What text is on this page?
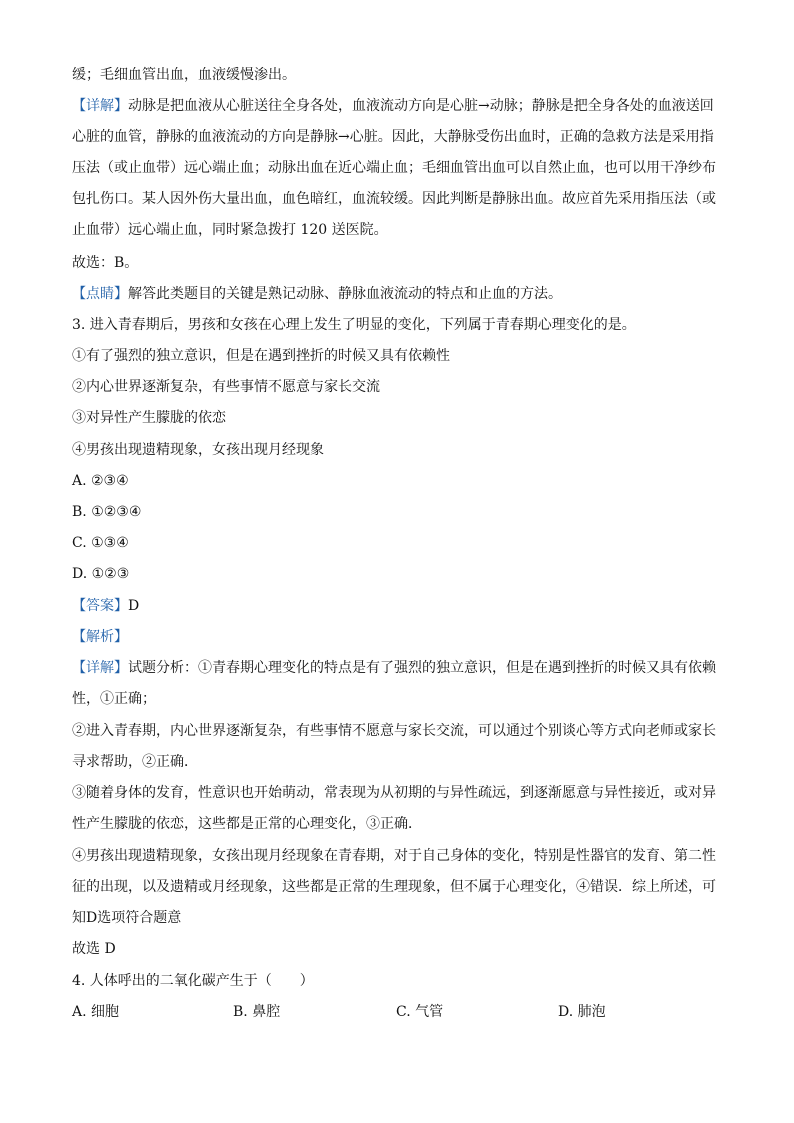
缓；毛细血管出血，血液缓慢渗出。
【详解】动脉是把血液从心脏送往全身各处，血液流动方向是心脏→动脉；静脉是把全身各处的血液送回
心脏的血管，静脉的血液流动的方向是静脉→心脏。因此，大静脉受伤出血时，正确的急救方法是采用指
压法（或止血带）远心端止血；动脉出血在近心端止血；毛细血管出血可以自然止血，也可以用干净纱布
包扎伤口。某人因外伤大量出血，血色暗红，血流较缓。因此判断是静脉出血。故应首先采用指压法（或
止血带）远心端止血，同时紧急拨打 120 送医院。
故选：B。
【点睛】解答此类题目的关键是熟记动脉、静脉血液流动的特点和止血的方法。
3. 进入青春期后，男孩和女孩在心理上发生了明显的变化，下列属于青春期心理变化的是。
①有了强烈的独立意识，但是在遇到挫折的时候又具有依赖性
②内心世界逐渐复杂，有些事情不愿意与家长交流
③对异性产生朦胧的依恋
④男孩出现遗精现象，女孩出现月经现象
A. ②③④
B. ①②③④
C. ①③④
D. ①②③
【答案】D
【解析】
【详解】试题分析：①青春期心理变化的特点是有了强烈的独立意识，但是在遇到挫折的时候又具有依赖
性，①正确；
②进入青春期，内心世界逐渐复杂，有些事情不愿意与家长交流，可以通过个别谈心等方式向老师或家长
寻求帮助，②正确．
③随着身体的发育，性意识也开始萌动，常表现为从初期的与异性疏远，到逐渐愿意与异性接近，或对异
性产生朦胧的依恋，这些都是正常的心理变化，③正确．
④男孩出现遗精现象，女孩出现月经现象在青春期，对于自己身体的变化，特别是性器官的发育、第二性
征的出现，以及遗精或月经现象，这些都是正常的生理现象，但不属于心理变化，④错误．综上所述，可
知D选项符合题意
故选 D
4. 人体呼出的二氧化碳产生于（　　）
A. 细胞	B. 鼻腔	C. 气管	D. 肺泡
